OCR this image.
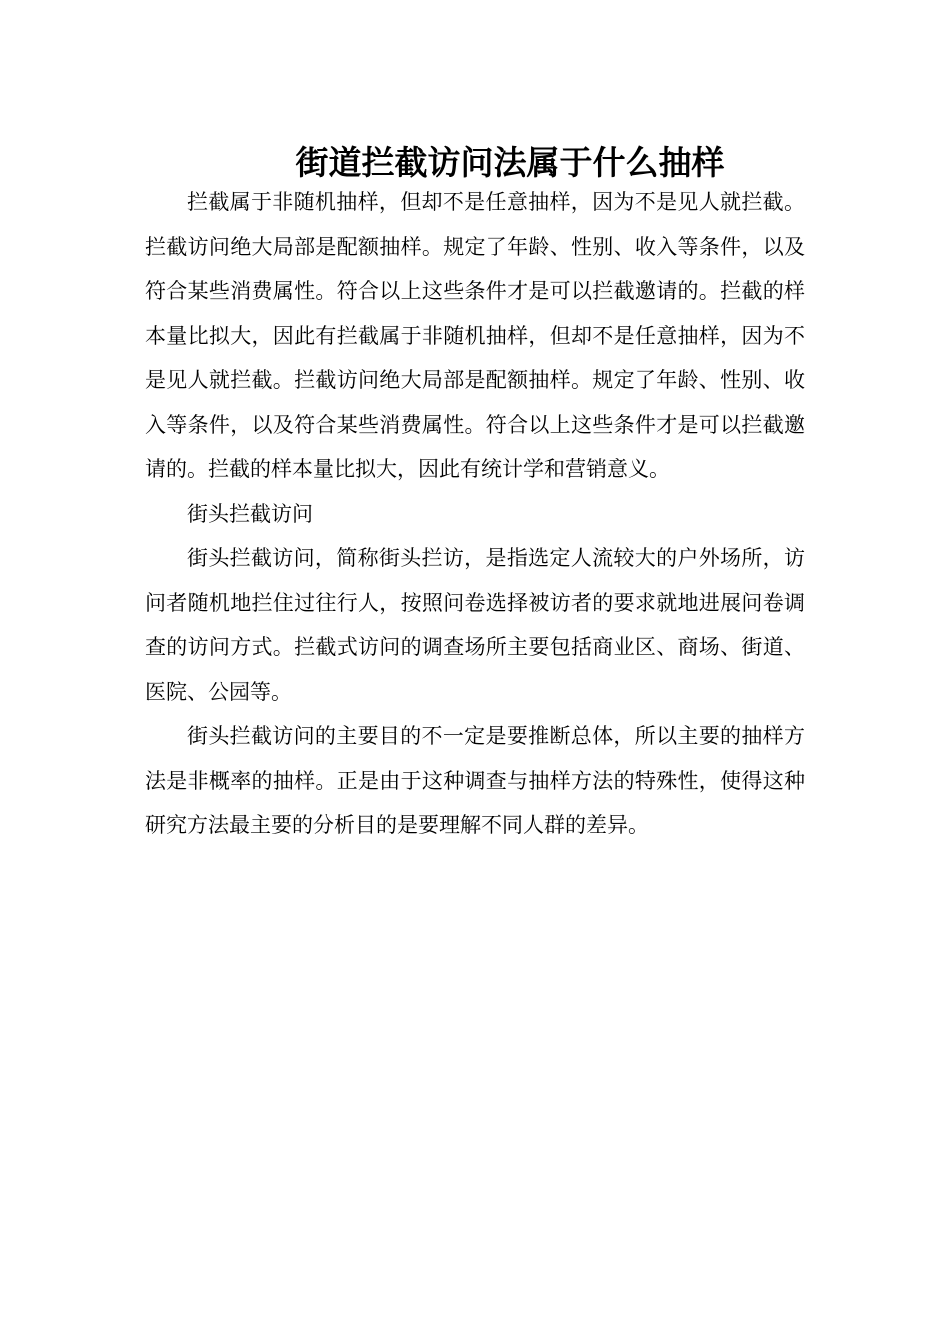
街道拦截访问法属于什么抽样

拦截属于非随机抽样，但却不是任意抽样，因为不是见人就拦截。拦截访问绝大局部是配额抽样。规定了年龄、性别、收入等条件，以及符合某些消费属性。符合以上这些条件才是可以拦截邀请的。拦截的样本量比拟大，因此有拦截属于非随机抽样，但却不是任意抽样，因为不是见人就拦截。拦截访问绝大局部是配额抽样。规定了年龄、性别、收入等条件，以及符合某些消费属性。符合以上这些条件才是可以拦截邀请的。拦截的样本量比拟大，因此有统计学和营销意义。

街头拦截访问

街头拦截访问，简称街头拦访，是指选定人流较大的户外场所，访问者随机地拦住过往行人，按照问卷选择被访者的要求就地进展问卷调查的访问方式。拦截式访问的调查场所主要包括商业区、商场、街道、医院、公园等。

街头拦截访问的主要目的不一定是要推断总体，所以主要的抽样方法是非概率的抽样。正是由于这种调查与抽样方法的特殊性，使得这种研究方法最主要的分析目的是要理解不同人群的差异。
